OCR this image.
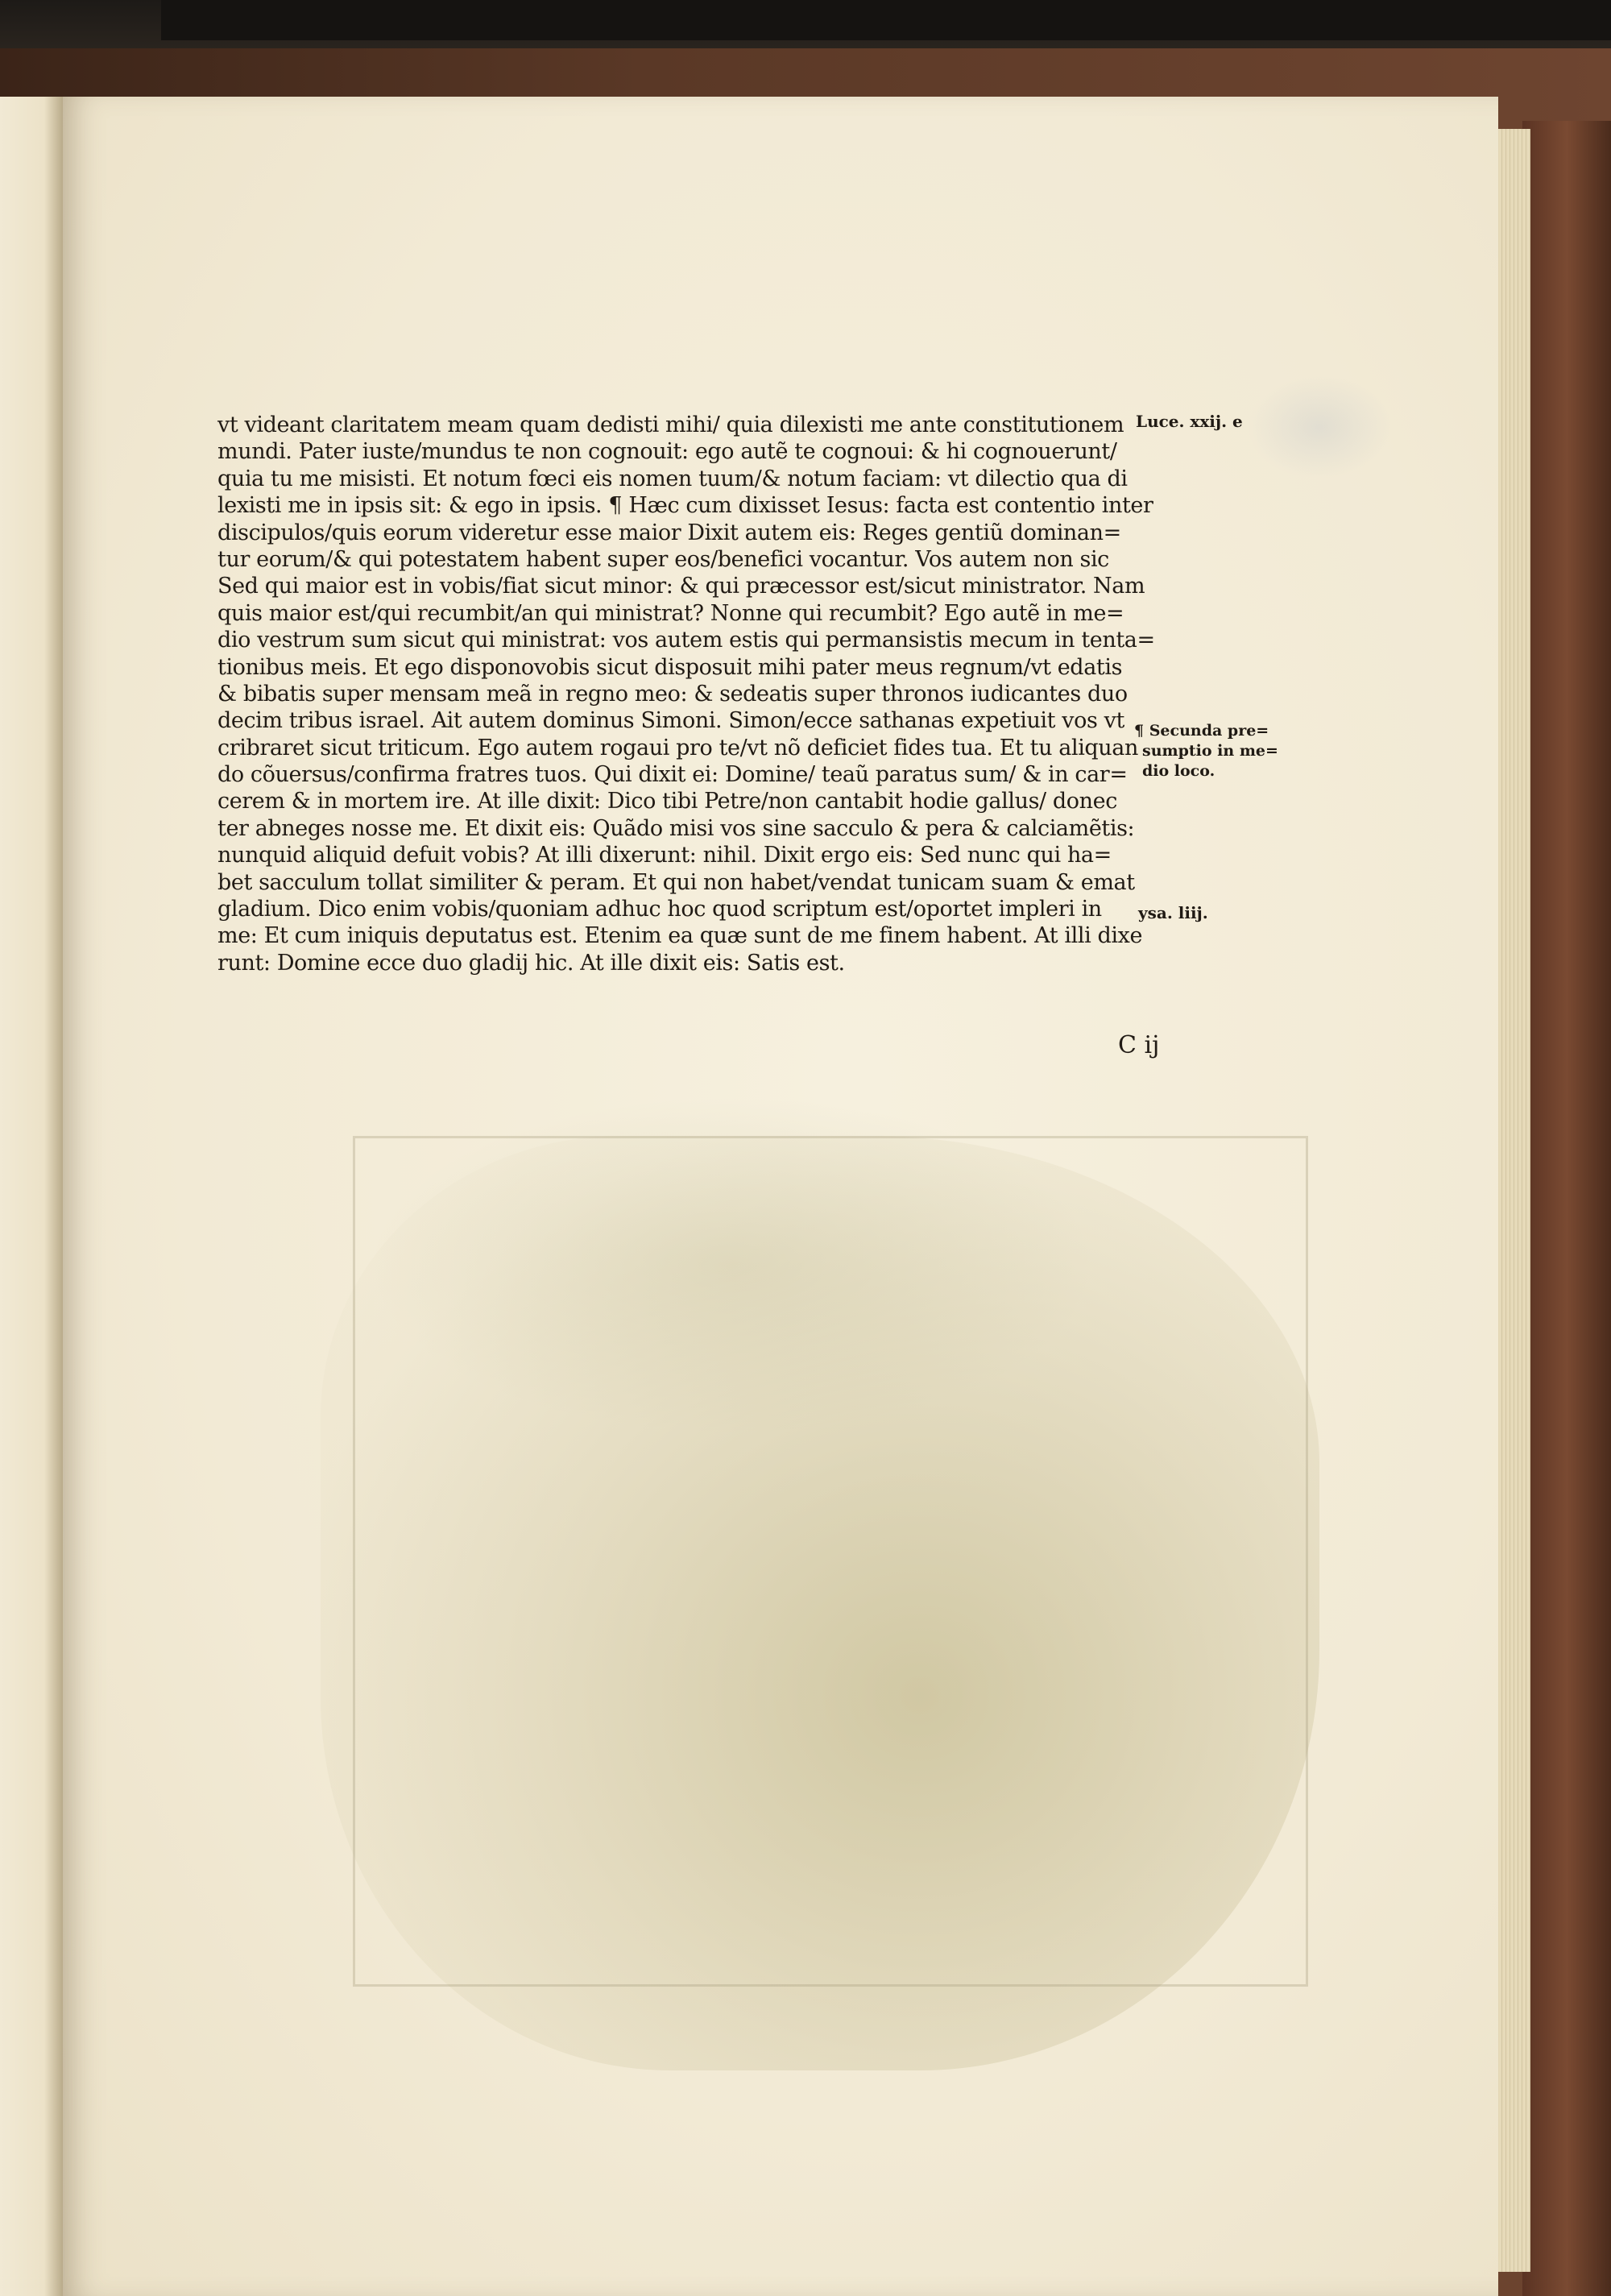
vt videant claritatem meam quam dedisti mihi/ quia dilexisti me ante constitutionem
mundi. Pater iuste/mundus te non cognouit: ego autẽ te cognoui: & hi cognouerunt/
quia tu me misisti. Et notum fœci eis nomen tuum/& notum faciam: vt dilectio qua di
lexisti me in ipsis sit: & ego in ipsis. ¶ Hæc cum dixisset Iesus: facta est contentio inter
discipulos/quis eorum videretur esse maior Dixit autem eis: Reges gentiũ dominan=
tur eorum/& qui potestatem habent super eos/benefici vocantur. Vos autem non sic
Sed qui maior est in vobis/fiat sicut minor: & qui præcessor est/sicut ministrator. Nam
quis maior est/qui recumbit/an qui ministrat? Nonne qui recumbit? Ego autẽ in me=
dio vestrum sum sicut qui ministrat: vos autem estis qui permansistis mecum in tenta=
tionibus meis. Et ego disponovobis sicut disposuit mihi pater meus regnum/vt edatis
& bibatis super mensam meã in regno meo: & sedeatis super thronos iudicantes duo
decim tribus israel. Ait autem dominus Simoni. Simon/ecce sathanas expetiuit vos vt
cribraret sicut triticum. Ego autem rogaui pro te/vt nõ deficiet fides tua. Et tu aliquan
do cõuersus/confirma fratres tuos. Qui dixit ei: Domine/ teaũ paratus sum/ & in car=
cerem & in mortem ire. At ille dixit: Dico tibi Petre/non cantabit hodie gallus/ donec
ter abneges nosse me. Et dixit eis: Quãdo misi vos sine sacculo & pera & calciamẽtis:
nunquid aliquid defuit vobis? At illi dixerunt: nihil. Dixit ergo eis: Sed nunc qui ha=
bet sacculum tollat similiter & peram. Et qui non habet/vendat tunicam suam & emat
gladium. Dico enim vobis/quoniam adhuc hoc quod scriptum est/oportet impleri in
me: Et cum iniquis deputatus est. Etenim ea quæ sunt de me finem habent. At illi dixe
runt: Domine ecce duo gladij hic. At ille dixit eis: Satis est.
Luce. xxij. e
¶ Secunda pre=
sumptio in me=
dio loco.
ysa. liij.
C ij
